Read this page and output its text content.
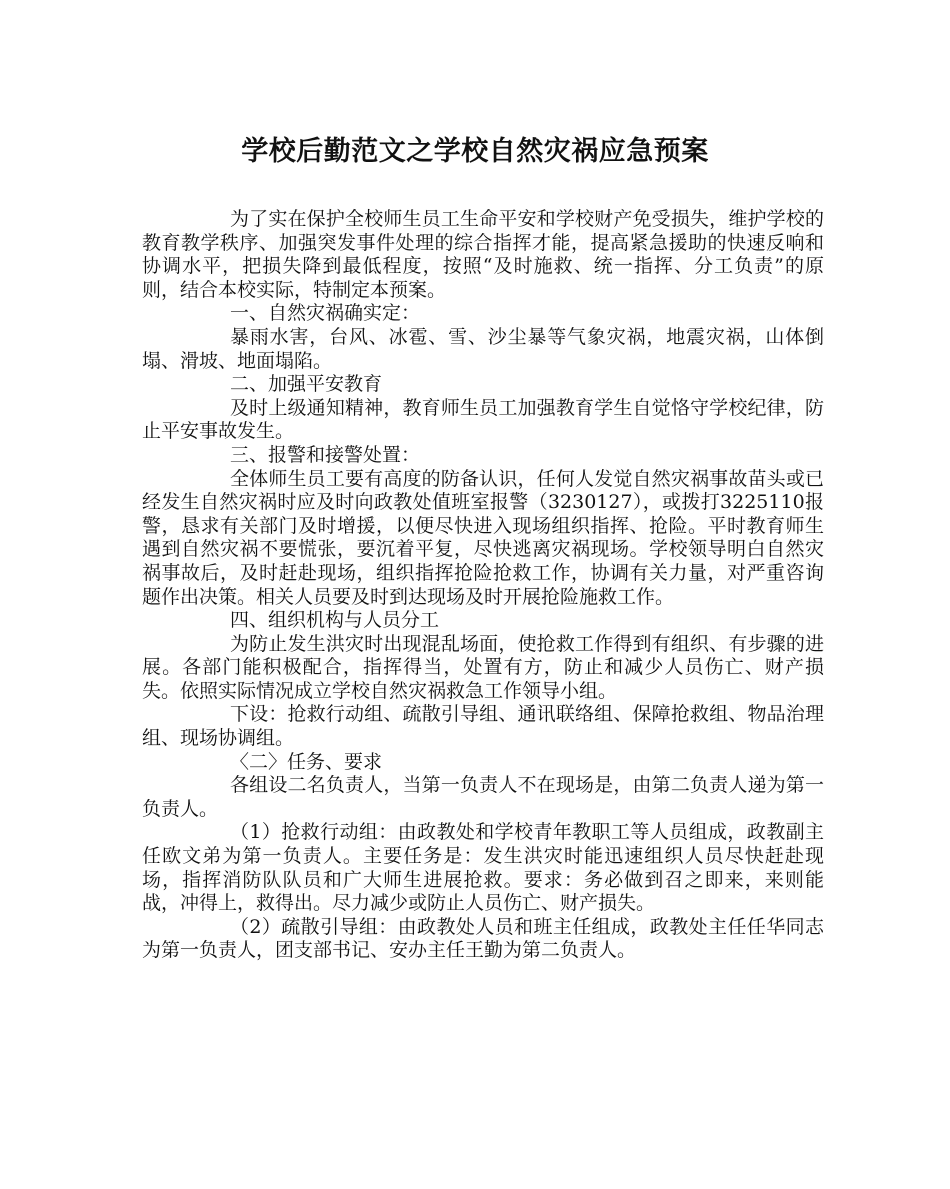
学校后勤范文之学校自然灾祸应急预案

为了实在保护全校师生员工生命平安和学校财产免受损失，维护学校的教育教学秩序、加强突发事件处理的综合指挥才能，提高紧急援助的快速反响和协调水平，把损失降到最低程度，按照“及时施救、统一指挥、分工负责”的原则，结合本校实际，特制定本预案。

一、自然灾祸确实定：

暴雨水害，台风、冰雹、雪、沙尘暴等气象灾祸，地震灾祸，山体倒塌、滑坡、地面塌陷。

二、加强平安教育

及时上级通知精神，教育师生员工加强教育学生自觉恪守学校纪律，防止平安事故发生。

三、报警和接警处置：

全体师生员工要有高度的防备认识，任何人发觉自然灾祸事故苗头或已经发生自然灾祸时应及时向政教处值班室报警（3230127），或拨打3225110报警，恳求有关部门及时增援，以便尽快进入现场组织指挥、抢险。平时教育师生遇到自然灾祸不要慌张，要沉着平复，尽快逃离灾祸现场。学校领导明白自然灾祸事故后，及时赶赴现场，组织指挥抢险抢救工作，协调有关力量，对严重咨询题作出决策。相关人员要及时到达现场及时开展抢险施救工作。

四、组织机构与人员分工

为防止发生洪灾时出现混乱场面，使抢救工作得到有组织、有步骤的进展。各部门能积极配合，指挥得当，处置有方，防止和减少人员伤亡、财产损失。依照实际情况成立学校自然灾祸救急工作领导小组。

下设：抢救行动组、疏散引导组、通讯联络组、保障抢救组、物品治理组、现场协调组。

〈二〉任务、要求

各组设二名负责人，当第一负责人不在现场是，由第二负责人递为第一负责人。

（1）抢救行动组：由政教处和学校青年教职工等人员组成，政教副主任欧文弟为第一负责人。主要任务是：发生洪灾时能迅速组织人员尽快赶赴现场，指挥消防队队员和广大师生进展抢救。要求：务必做到召之即来，来则能战，冲得上，救得出。尽力减少或防止人员伤亡、财产损失。

（2）疏散引导组：由政教处人员和班主任组成，政教处主任任华同志为第一负责人，团支部书记、安办主任王勤为第二负责人。
